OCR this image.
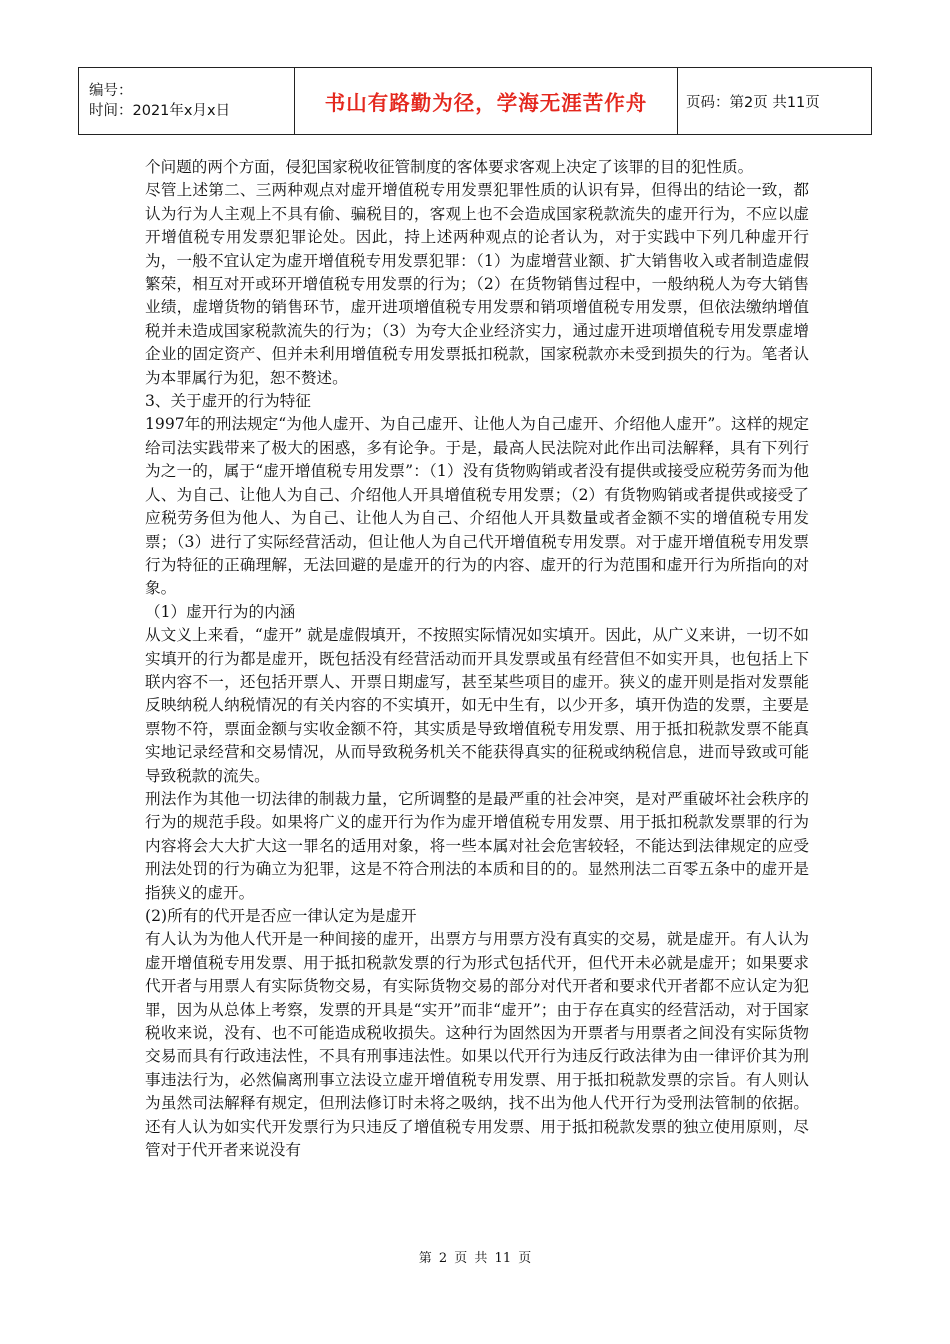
编号：
时间：2021年x月x日	书山有路勤为径，学海无涯苦作舟	页码：第2页 共11页

个问题的两个方面，侵犯国家税收征管制度的客体要求客观上决定了该罪的目的犯性质。

尽管上述第二、三两种观点对虚开增值税专用发票犯罪性质的认识有异，但得出的结论一致，都认为行为人主观上不具有偷、骗税目的，客观上也不会造成国家税款流失的虚开行为，不应以虚开增值税专用发票犯罪论处。因此，持上述两种观点的论者认为，对于实践中下列几种虚开行为，一般不宜认定为虚开增值税专用发票犯罪：（1）为虚增营业额、扩大销售收入或者制造虚假繁荣，相互对开或环开增值税专用发票的行为；（2）在货物销售过程中，一般纳税人为夸大销售业绩，虚增货物的销售环节，虚开进项增值税专用发票和销项增值税专用发票，但依法缴纳增值税并未造成国家税款流失的行为；（3）为夸大企业经济实力，通过虚开进项增值税专用发票虚增企业的固定资产、但并未利用增值税专用发票抵扣税款，国家税款亦未受到损失的行为。笔者认为本罪属行为犯，恕不赘述。

3、关于虚开的行为特征

1997年的刑法规定“为他人虚开、为自己虚开、让他人为自己虚开、介绍他人虚开”。这样的规定给司法实践带来了极大的困惑，多有论争。于是，最高人民法院对此作出司法解释，具有下列行为之一的，属于“虚开增值税专用发票”：（1）没有货物购销或者没有提供或接受应税劳务而为他人、为自己、让他人为自己、介绍他人开具增值税专用发票；（2）有货物购销或者提供或接受了应税劳务但为他人、为自己、让他人为自己、介绍他人开具数量或者金额不实的增值税专用发票；（3）进行了实际经营活动，但让他人为自己代开增值税专用发票。对于虚开增值税专用发票行为特征的正确理解，无法回避的是虚开的行为的内容、虚开的行为范围和虚开行为所指向的对象。

（1）虚开行为的内涵

从文义上来看，“虚开” 就是虚假填开，不按照实际情况如实填开。因此，从广义来讲，一切不如实填开的行为都是虚开，既包括没有经营活动而开具发票或虽有经营但不如实开具，也包括上下联内容不一，还包括开票人、开票日期虚写，甚至某些项目的虚开。狭义的虚开则是指对发票能反映纳税人纳税情况的有关内容的不实填开，如无中生有，以少开多，填开伪造的发票，主要是票物不符，票面金额与实收金额不符，其实质是导致增值税专用发票、用于抵扣税款发票不能真实地记录经营和交易情况，从而导致税务机关不能获得真实的征税或纳税信息，进而导致或可能导致税款的流失。

刑法作为其他一切法律的制裁力量，它所调整的是最严重的社会冲突，是对严重破坏社会秩序的行为的规范手段。如果将广义的虚开行为作为虚开增值税专用发票、用于抵扣税款发票罪的行为内容将会大大扩大这一罪名的适用对象，将一些本属对社会危害较轻，不能达到法律规定的应受刑法处罚的行为确立为犯罪，这是不符合刑法的本质和目的的。显然刑法二百零五条中的虚开是指狭义的虚开。

(2)所有的代开是否应一律认定为是虚开

有人认为为他人代开是一种间接的虚开，出票方与用票方没有真实的交易，就是虚开。有人认为虚开增值税专用发票、用于抵扣税款发票的行为形式包括代开，但代开未必就是虚开；如果要求代开者与用票人有实际货物交易，有实际货物交易的部分对代开者和要求代开者都不应认定为犯罪，因为从总体上考察，发票的开具是“实开”而非“虚开”；由于存在真实的经营活动，对于国家税收来说，没有、也不可能造成税收损失。这种行为固然因为开票者与用票者之间没有实际货物交易而具有行政违法性，不具有刑事违法性。如果以代开行为违反行政法律为由一律评价其为刑事违法行为，必然偏离刑事立法设立虚开增值税专用发票、用于抵扣税款发票的宗旨。有人则认为虽然司法解释有规定，但刑法修订时未将之吸纳，找不出为他人代开行为受刑法管制的依据。还有人认为如实代开发票行为只违反了增值税专用发票、用于抵扣税款发票的独立使用原则，尽管对于代开者来说没有

第 2 页 共 11 页
